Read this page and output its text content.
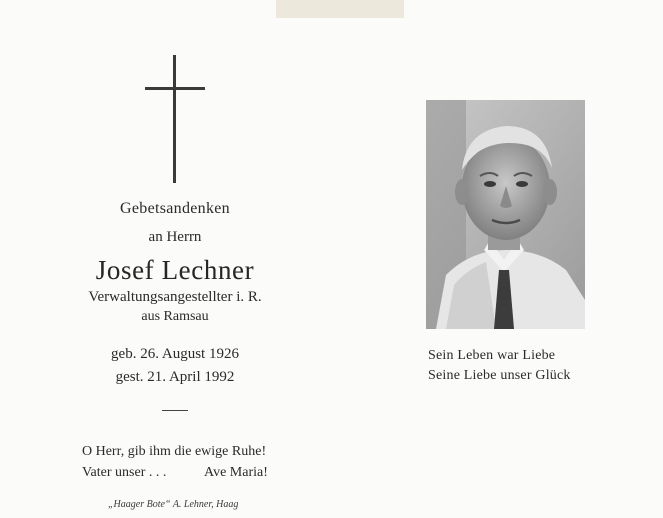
Gebetsandenken
an Herrn
Josef Lechner
Verwaltungsangestellter i. R.
aus Ramsau
geb. 26. August 1926
gest. 21. April 1992
O Herr, gib ihm die ewige Ruhe!
Vater unser . . .	Ave Maria!
„Haager Bote“ A. Lehner, Haag
Sein Leben war Liebe
Seine Liebe unser Glück
